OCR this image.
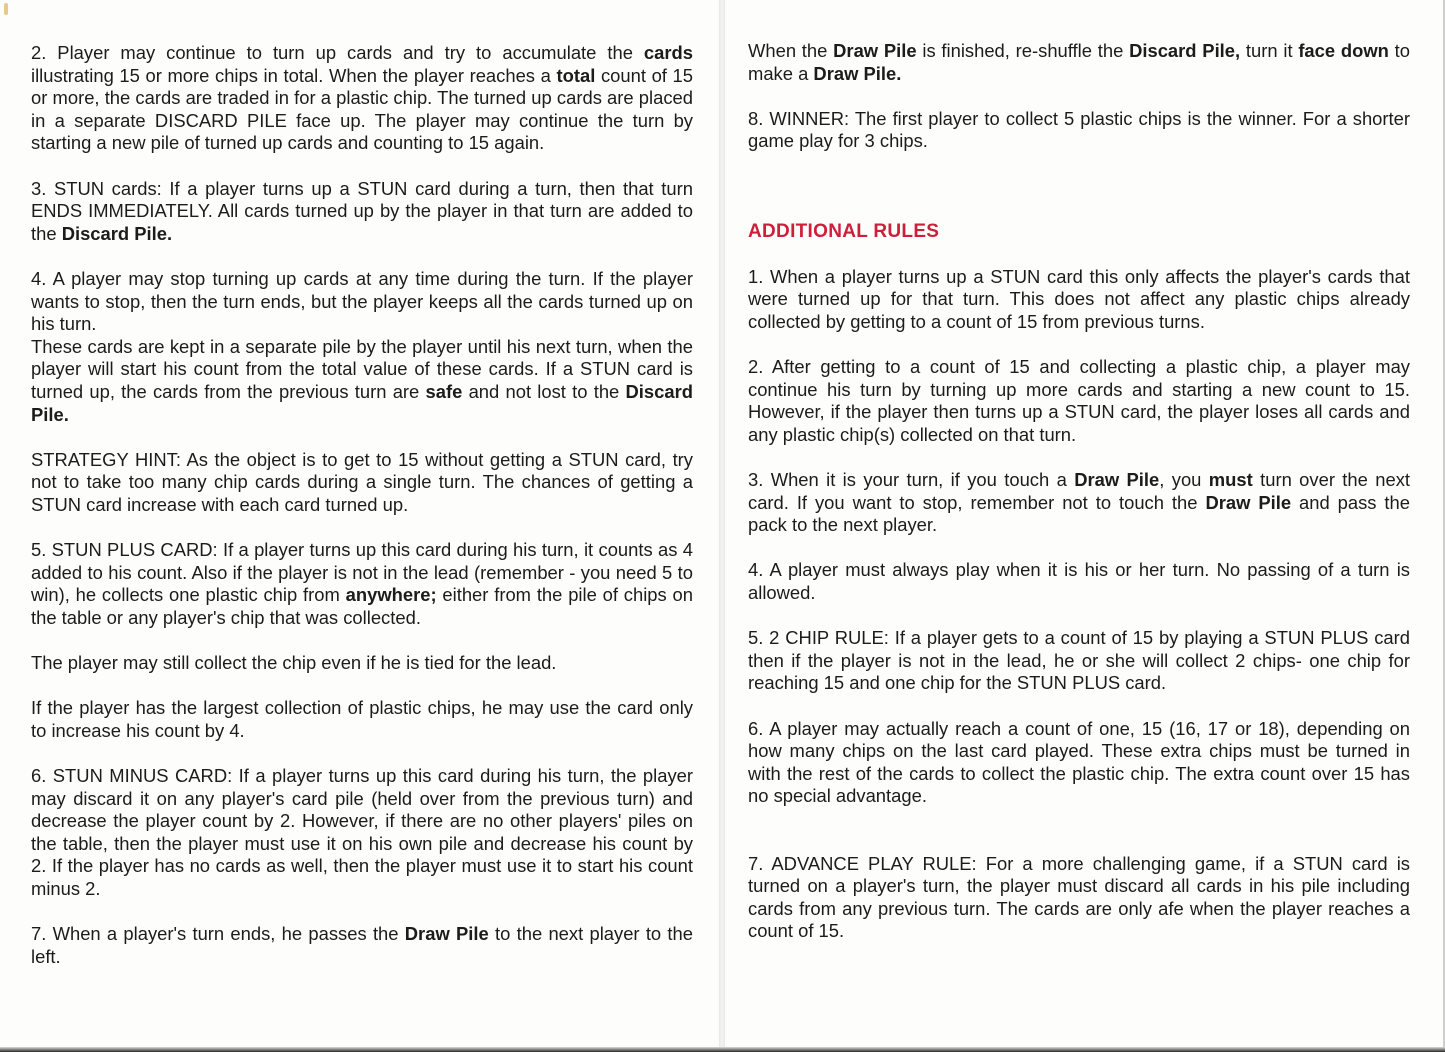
2. Player may continue to turn up cards and try to accumulate the cards illustrating 15 or more chips in total. When the player reaches a total count of 15 or more, the cards are traded in for a plastic chip. The turned up cards are placed in a separate DISCARD PILE face up. The player may continue the turn by starting a new pile of turned up cards and counting to 15 again.

3. STUN cards: If a player turns up a STUN card during a turn, then that turn ENDS IMMEDIATELY. All cards turned up by the player in that turn are added to the Discard Pile.

4. A player may stop turning up cards at any time during the turn. If the player wants to stop, then the turn ends, but the player keeps all the cards turned up on his turn.

These cards are kept in a separate pile by the player until his next turn, when the player will start his count from the total value of these cards. If a STUN card is turned up, the cards from the previous turn are safe and not lost to the Discard Pile.

STRATEGY HINT: As the object is to get to 15 without getting a STUN card, try not to take too many chip cards during a single turn. The chances of getting a STUN card increase with each card turned up.

5. STUN PLUS CARD: If a player turns up this card during his turn, it counts as 4 added to his count. Also if the player is not in the lead (remember - you need 5 to win), he collects one plastic chip from anywhere; either from the pile of chips on the table or any player's chip that was collected.

The player may still collect the chip even if he is tied for the lead.

If the player has the largest collection of plastic chips, he may use the card only to increase his count by 4.

6. STUN MINUS CARD: If a player turns up this card during his turn, the player may discard it on any player's card pile (held over from the previous turn) and decrease the player count by 2. However, if there are no other players' piles on the table, then the player must use it on his own pile and decrease his count by 2. If the player has no cards as well, then the player must use it to start his count minus 2.

7. When a player's turn ends, he passes the Draw Pile to the next player to the left.

When the Draw Pile is finished, re-shuffle the Discard Pile, turn it face down to make a Draw Pile.

8. WINNER: The first player to collect 5 plastic chips is the winner. For a shorter game play for 3 chips.

ADDITIONAL RULES

1. When a player turns up a STUN card this only affects the player's cards that were turned up for that turn. This does not affect any plastic chips already collected by getting to a count of 15 from previous turns.

2. After getting to a count of 15 and collecting a plastic chip, a player may continue his turn by turning up more cards and starting a new count to 15. However, if the player then turns up a STUN card, the player loses all cards and any plastic chip(s) collected on that turn.

3. When it is your turn, if you touch a Draw Pile, you must turn over the next card. If you want to stop, remember not to touch the Draw Pile and pass the pack to the next player.

4. A player must always play when it is his or her turn. No passing of a turn is allowed.

5. 2 CHIP RULE: If a player gets to a count of 15 by playing a STUN PLUS card then if the player is not in the lead, he or she will collect 2 chips- one chip for reaching 15 and one chip for the STUN PLUS card.

6. A player may actually reach a count of one, 15 (16, 17 or 18), depending on how many chips on the last card played. These extra chips must be turned in with the rest of the cards to collect the plastic chip. The extra count over 15 has no special advantage.

7. ADVANCE PLAY RULE: For a more challenging game, if a STUN card is turned on a player's turn, the player must discard all cards in his pile including cards from any previous turn. The cards are only afe when the player reaches a count of 15.
